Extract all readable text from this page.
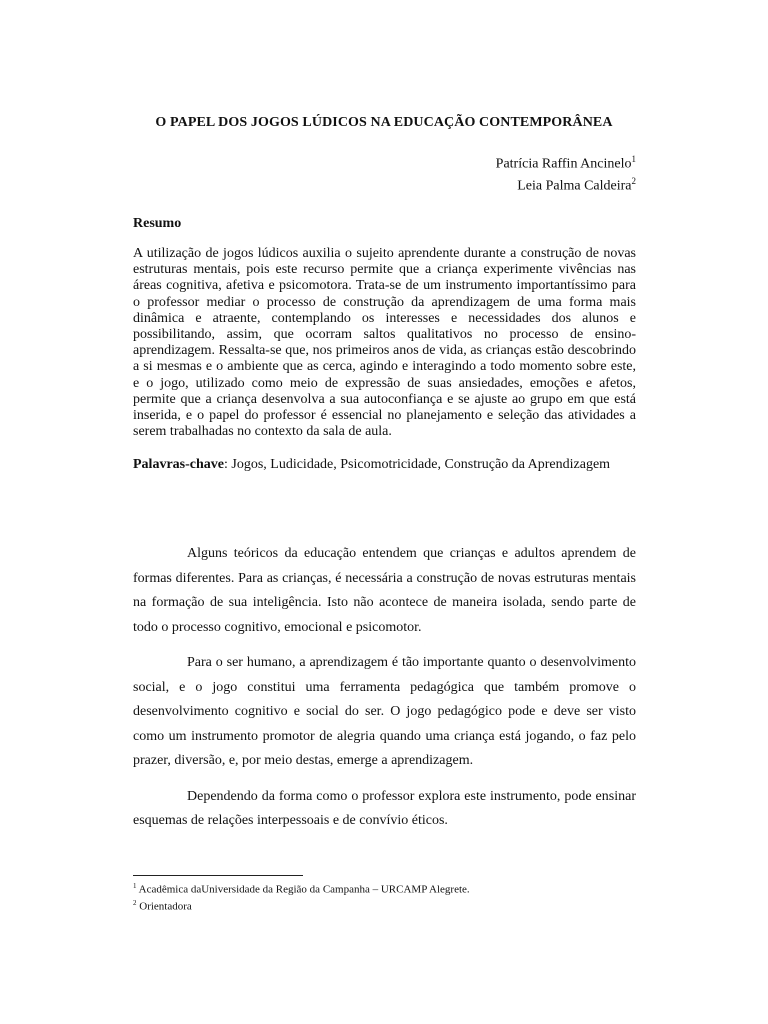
O PAPEL DOS JOGOS LÚDICOS NA EDUCAÇÃO CONTEMPORÂNEA
Patrícia Raffin Ancinelo$^1$
Leia Palma Caldeira$^2$
Resumo

A utilização de jogos lúdicos auxilia o sujeito aprendente durante a construção de novas estruturas mentais, pois este recurso permite que a criança experimente vivências nas áreas cognitiva, afetiva e psicomotora. Trata-se de um instrumento importantíssimo para o professor mediar o processo de construção da aprendizagem de uma forma mais dinâmica e atraente, contemplando os interesses e necessidades dos alunos e possibilitando, assim, que ocorram saltos qualitativos no processo de ensino-aprendizagem. Ressalta-se que, nos primeiros anos de vida, as crianças estão descobrindo a si mesmas e o ambiente que as cerca, agindo e interagindo a todo momento sobre este, e o jogo, utilizado como meio de expressão de suas ansiedades, emoções e afetos, permite que a criança desenvolva a sua autoconfiança e se ajuste ao grupo em que está inserida, e o papel do professor é essencial no planejamento e seleção das atividades a serem trabalhadas no contexto da sala de aula.

Palavras-chave: Jogos, Ludicidade, Psicomotricidade, Construção da Aprendizagem

Alguns teóricos da educação entendem que crianças e adultos aprendem de formas diferentes. Para as crianças, é necessária a construção de novas estruturas mentais na formação de sua inteligência. Isto não acontece de maneira isolada, sendo parte de todo o processo cognitivo, emocional e psicomotor.

Para o ser humano, a aprendizagem é tão importante quanto o desenvolvimento social, e o jogo constitui uma ferramenta pedagógica que também promove o desenvolvimento cognitivo e social do ser. O jogo pedagógico pode e deve ser visto como um instrumento promotor de alegria quando uma criança está jogando, o faz pelo prazer, diversão, e, por meio destas, emerge a aprendizagem.

Dependendo da forma como o professor explora este instrumento, pode ensinar esquemas de relações interpessoais e de convívio éticos.

$^1$ Acadêmica daUniversidade da Região da Campanha – URCAMP Alegrete.
$^2$ Orientadora
